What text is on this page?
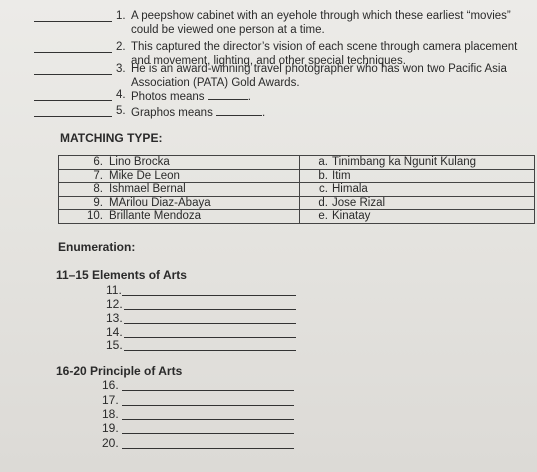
1. A peepshow cabinet with an eyehole through which these earliest “movies”
could be viewed one person at a time.
2. This captured the director’s vision of each scene through camera placement
and movement, lighting, and other special techniques.
3. He is an award-winning travel photographer who has won two Pacific Asia
Association (PATA) Gold Awards.
4. Photos means	.
5. Graphos means	.
MATCHING TYPE:
6. Lino Brocka	a. Tinimbang ka Ngunit Kulang
7. Mike De Leon	b. Itim
8. Ishmael Bernal	c. Himala
9. MArilou Diaz-Abaya	d. Jose Rizal
10. Brillante Mendoza	e. Kinatay
Enumeration:
11–15 Elements of Arts
11.
12.
13.
14.
15.
16-20 Principle of Arts
16.
17.
18.
19.
20.
